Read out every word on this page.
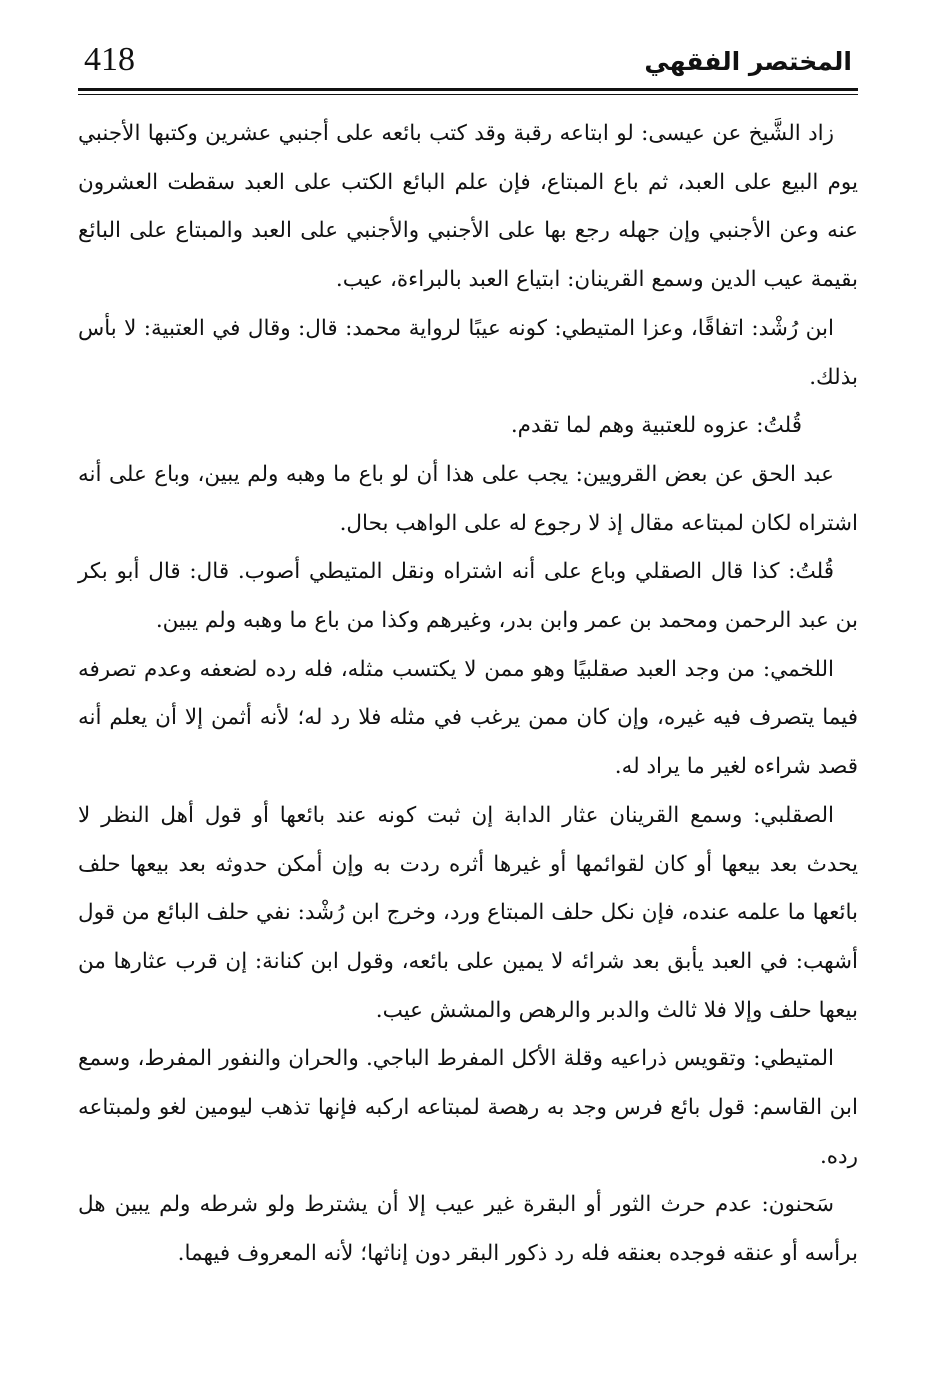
418	المختصر الفقهي

زاد الشَّيخ عن عيسى: لو ابتاعه رقبة وقد كتب بائعه على أجنبي عشرين وكتبها الأجنبي يوم البيع على العبد، ثم باع المبتاع، فإن علم البائع الكتب على العبد سقطت العشرون عنه وعن الأجنبي وإن جهله رجع بها على الأجنبي والأجنبي على العبد والمبتاع على البائع بقيمة عيب الدين وسمع القرينان: ابتياع العبد بالبراءة، عيب.

ابن رُشْد: اتفاقًا، وعزا المتيطي: كونه عيبًا لرواية محمد: قال: وقال في العتبية: لا بأس بذلك.

قُلتُ: عزوه للعتبية وهم لما تقدم.

عبد الحق عن بعض القرويين: يجب على هذا أن لو باع ما وهبه ولم يبين، وباع على أنه اشتراه لكان لمبتاعه مقال إذ لا رجوع له على الواهب بحال.

قُلتُ: كذا قال الصقلي وباع على أنه اشتراه ونقل المتيطي أصوب. قال: قال أبو بكر بن عبد الرحمن ومحمد بن عمر وابن بدر، وغيرهم وكذا من باع ما وهبه ولم يبين.

اللخمي: من وجد العبد صقلبيًا وهو ممن لا يكتسب مثله، فله رده لضعفه وعدم تصرفه فيما يتصرف فيه غيره، وإن كان ممن يرغب في مثله فلا رد له؛ لأنه أثمن إلا أن يعلم أنه قصد شراءه لغير ما يراد له.

الصقلبي: وسمع القرينان عثار الدابة إن ثبت كونه عند بائعها أو قول أهل النظر لا يحدث بعد بيعها أو كان لقوائمها أو غيرها أثره ردت به وإن أمكن حدوثه بعد بيعها حلف بائعها ما علمه عنده، فإن نكل حلف المبتاع ورد، وخرج ابن رُشْد: نفي حلف البائع من قول أشهب: في العبد يأبق بعد شرائه لا يمين على بائعه، وقول ابن كنانة: إن قرب عثارها من بيعها حلف وإلا فلا ثالث والدبر والرهص والمشش عيب.

المتيطي: وتقويس ذراعيه وقلة الأكل المفرط الباجي. والحران والنفور المفرط، وسمع ابن القاسم: قول بائع فرس وجد به رهصة لمبتاعه اركبه فإنها تذهب ليومين لغو ولمبتاعه رده.

سَحنون: عدم حرث الثور أو البقرة غير عيب إلا أن يشترط ولو شرطه ولم يبين هل برأسه أو عنقه فوجده بعنقه فله رد ذكور البقر دون إناثها؛ لأنه المعروف فيهما.
